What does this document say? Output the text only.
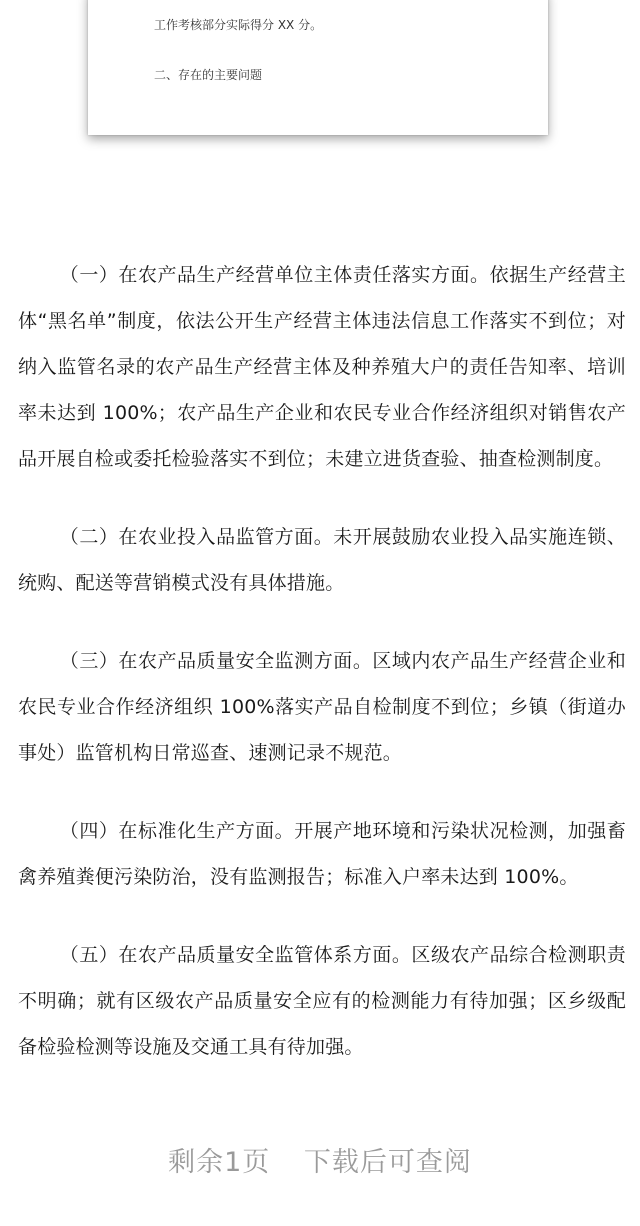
工作考核部分实际得分 XX 分。
二、存在的主要问题

（一）在农产品生产经营单位主体责任落实方面。依据生产经营主体“黑名单”制度，依法公开生产经营主体违法信息工作落实不到位；对纳入监管名录的农产品生产经营主体及种养殖大户的责任告知率、培训率未达到 100%；农产品生产企业和农民专业合作经济组织对销售农产品开展自检或委托检验落实不到位；未建立进货查验、抽查检测制度。

（二）在农业投入品监管方面。未开展鼓励农业投入品实施连锁、统购、配送等营销模式没有具体措施。

（三）在农产品质量安全监测方面。区域内农产品生产经营企业和农民专业合作经济组织 100%落实产品自检制度不到位；乡镇（街道办事处）监管机构日常巡查、速测记录不规范。

（四）在标准化生产方面。开展产地环境和污染状况检测，加强畜禽养殖粪便污染防治，没有监测报告；标准入户率未达到 100%。

（五）在农产品质量安全监管体系方面。区级农产品综合检测职责不明确；就有区级农产品质量安全应有的检测能力有待加强；区乡级配备检验检测等设施及交通工具有待加强。

剩余1页 下载后可查阅
